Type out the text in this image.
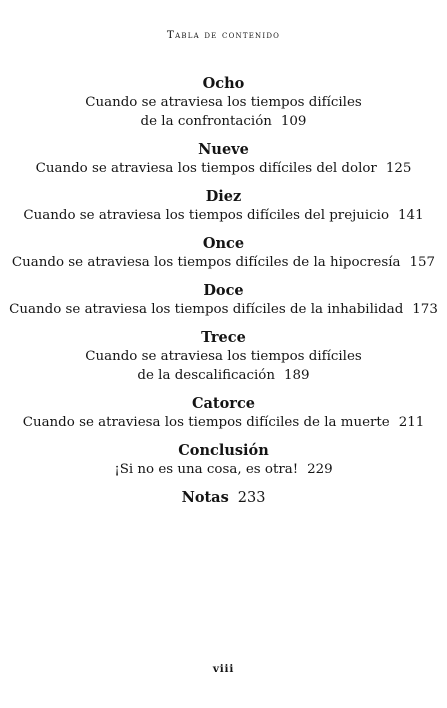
Tabla de contenido
Ocho
Cuando se atraviesa los tiempos difíciles
de la confrontación 109
Nueve
Cuando se atraviesa los tiempos difíciles del dolor 125
Diez
Cuando se atraviesa los tiempos difíciles del prejuicio 141
Once
Cuando se atraviesa los tiempos difíciles de la hipocresía 157
Doce
Cuando se atraviesa los tiempos difíciles de la inhabilidad 173
Trece
Cuando se atraviesa los tiempos difíciles
de la descalificación 189
Catorce
Cuando se atraviesa los tiempos difíciles de la muerte 211
Conclusión
¡Si no es una cosa, es otra! 229
Notas 233
viii
